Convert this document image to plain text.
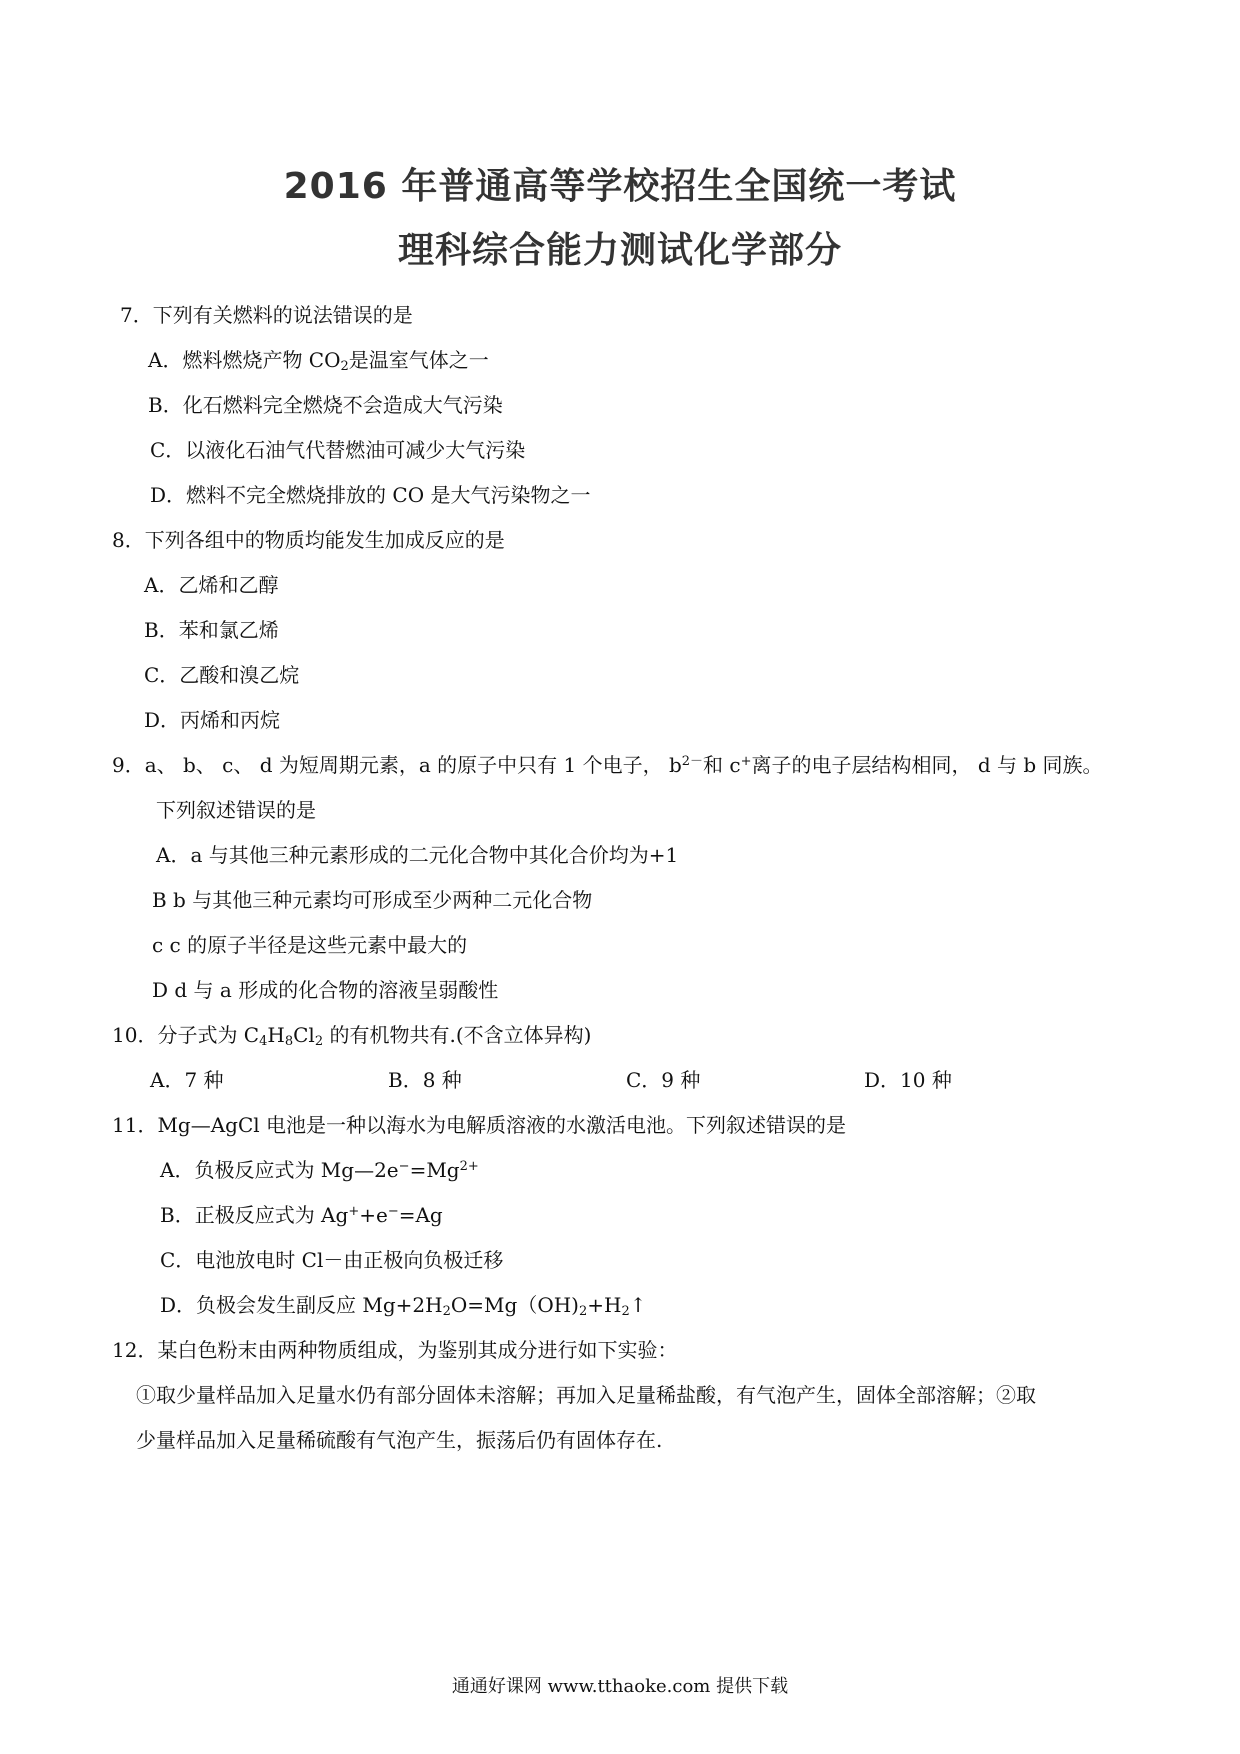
2016 年普通高等学校招生全国统一考试
理科综合能力测试化学部分
7．下列有关燃料的说法错误的是
A．燃料燃烧产物 $CO_2$是温室气体之一
B．化石燃料完全燃烧不会造成大气污染
C．以液化石油气代替燃油可减少大气污染
D．燃料不完全燃烧排放的 CO 是大气污染物之一
8．下列各组中的物质均能发生加成反应的是
A．乙烯和乙醇
B．苯和氯乙烯
C．乙酸和溴乙烷
D．丙烯和丙烷
9．a、 b、 c、 d 为短周期元素，a 的原子中只有 1 个电子， $b^{2-}$和 c+离子的电子层结构相同， d 与 b 同族。
下列叙述错误的是
A．a 与其他三种元素形成的二元化合物中其化合价均为+1
B b 与其他三种元素均可形成至少两种二元化合物
c c 的原子半径是这些元素中最大的
D d 与 a 形成的化合物的溶液呈弱酸性
10．分子式为 $C_4H_8Cl_2$ 的有机物共有.(不含立体异构)
A．7 种	B．8 种	C．9 种	D．10 种
11．Mg—AgCl 电池是一种以海水为电解质溶液的水激活电池。下列叙述错误的是
A．负极反应式为 $Mg—2e^-=Mg^{2+}$
B．正极反应式为 Ag++e−=Ag
C．电池放电时 Cl－由正极向负极迁移
D．负极会发生副反应 $Mg+2H_2O=Mg(OH)_2+H_2↑$
12．某白色粉末由两种物质组成，为鉴别其成分进行如下实验：
①取少量样品加入足量水仍有部分固体未溶解；再加入足量稀盐酸，有气泡产生，固体全部溶解；②取
少量样品加入足量稀硫酸有气泡产生，振荡后仍有固体存在.
通通好课网 www.tthaoke.com 提供下载
